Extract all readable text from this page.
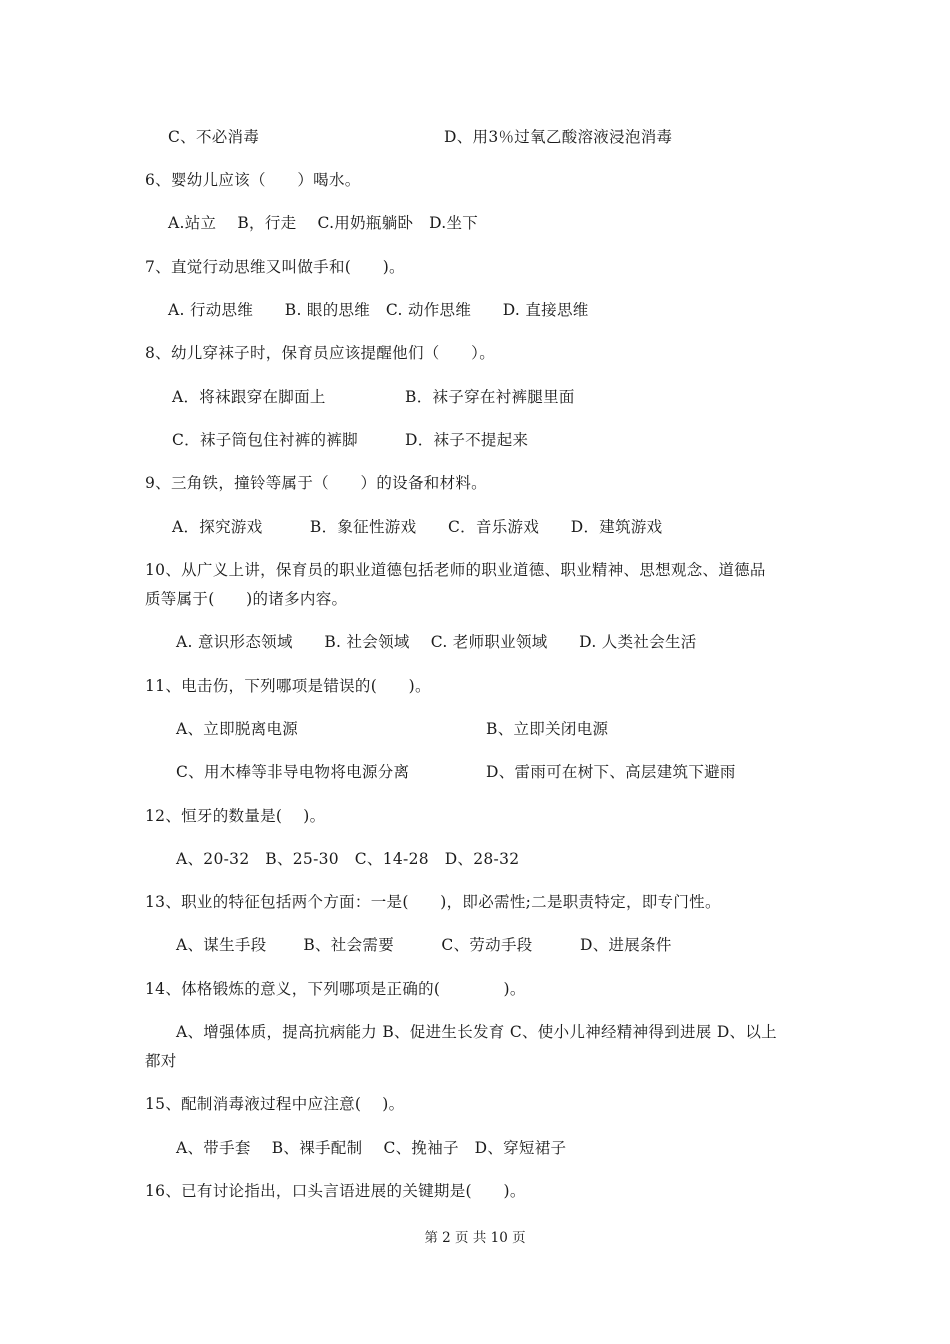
C、不必消毒	D、用3％过氧乙酸溶液浸泡消毒
6、婴幼儿应该（　　）喝水。
A.站立　 B，行走　 C.用奶瓶躺卧　D.坐下
7、直觉行动思维又叫做手和(　　)。
A. 行动思维　　B. 眼的思维　C. 动作思维　　D. 直接思维
8、幼儿穿袜子时，保育员应该提醒他们（　　）。
A．将袜跟穿在脚面上	B．袜子穿在衬裤腿里面
C．袜子筒包住衬裤的裤脚	D．袜子不提起来
9、三角铁，撞铃等属于（　　）的设备和材料。
A．探究游戏　　　B．象征性游戏　　C．音乐游戏　　D．建筑游戏
10、从广义上讲，保育员的职业道德包括老师的职业道德、职业精神、思想观念、道德品
质等属于(　　)的诸多内容。
A. 意识形态领域　　B. 社会领域　 C. 老师职业领域　　D. 人类社会生活
11、电击伤，下列哪项是错误的(　　)。
A、立即脱离电源	B、立即关闭电源
C、用木棒等非导电物将电源分离	D、雷雨可在树下、高层建筑下避雨
12、恒牙的数量是(　 )。
A、20-32　B、25-30　C、14-28　D、28-32
13、职业的特征包括两个方面：一是(　　)，即必需性;二是职责特定，即专门性。
A、谋生手段　　 B、社会需要　　　C、劳动手段　　　D、进展条件
14、体格锻炼的意义，下列哪项是正确的(　　　　)。
A、增强体质，提高抗病能力 B、促进生长发育 C、使小儿神经精神得到进展 D、以上
都对
15、配制消毒液过程中应注意(　 )。
A、带手套　 B、裸手配制　 C、挽袖子　D、穿短裙子
16、已有讨论指出，口头言语进展的关键期是(　　)。
第 2 页 共 10 页
